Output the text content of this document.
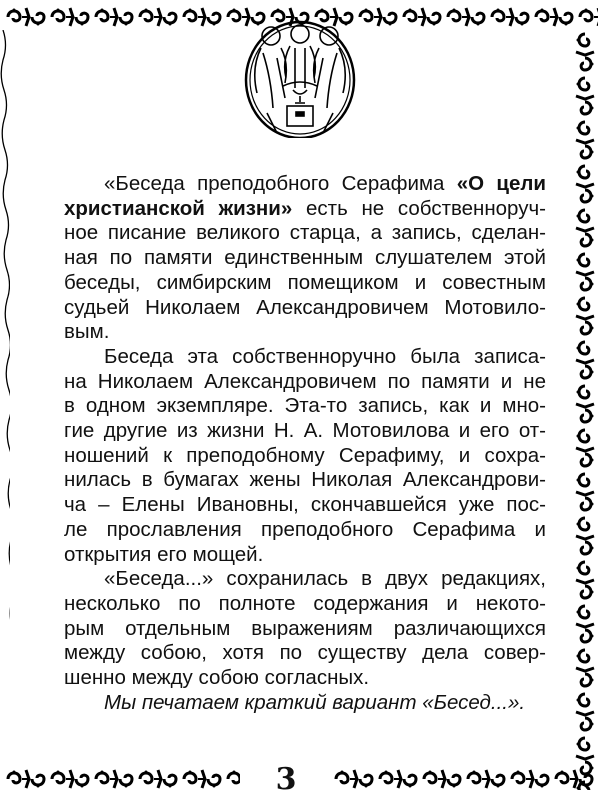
«Беседа преподобного Серафима «О цели
христианской жизни» есть не собственноруч-
ное писание великого старца, а запись, сделан-
ная по памяти единственным слушателем этой
беседы, симбирским помещиком и совестным
судьей Николаем Александровичем Мотовило-
вым.
Беседа эта собственноручно была записа-
на Николаем Александровичем по памяти и не
в одном экземпляре. Эта-то запись, как и мно-
гие другие из жизни Н. А. Мотовилова и его от-
ношений к преподобному Серафиму, и сохра-
нилась в бумагах жены Николая Александрови-
ча – Елены Ивановны, скончавшейся уже пос-
ле прославления преподобного Серафима и
открытия его мощей.
«Беседа...» сохранилась в двух редакциях,
несколько по полноте содержания и некото-
рым отдельным выражениям различающихся
между собою, хотя по существу дела совер-
шенно между собою согласных.
Мы печатаем краткий вариант «Бесед...».
3
